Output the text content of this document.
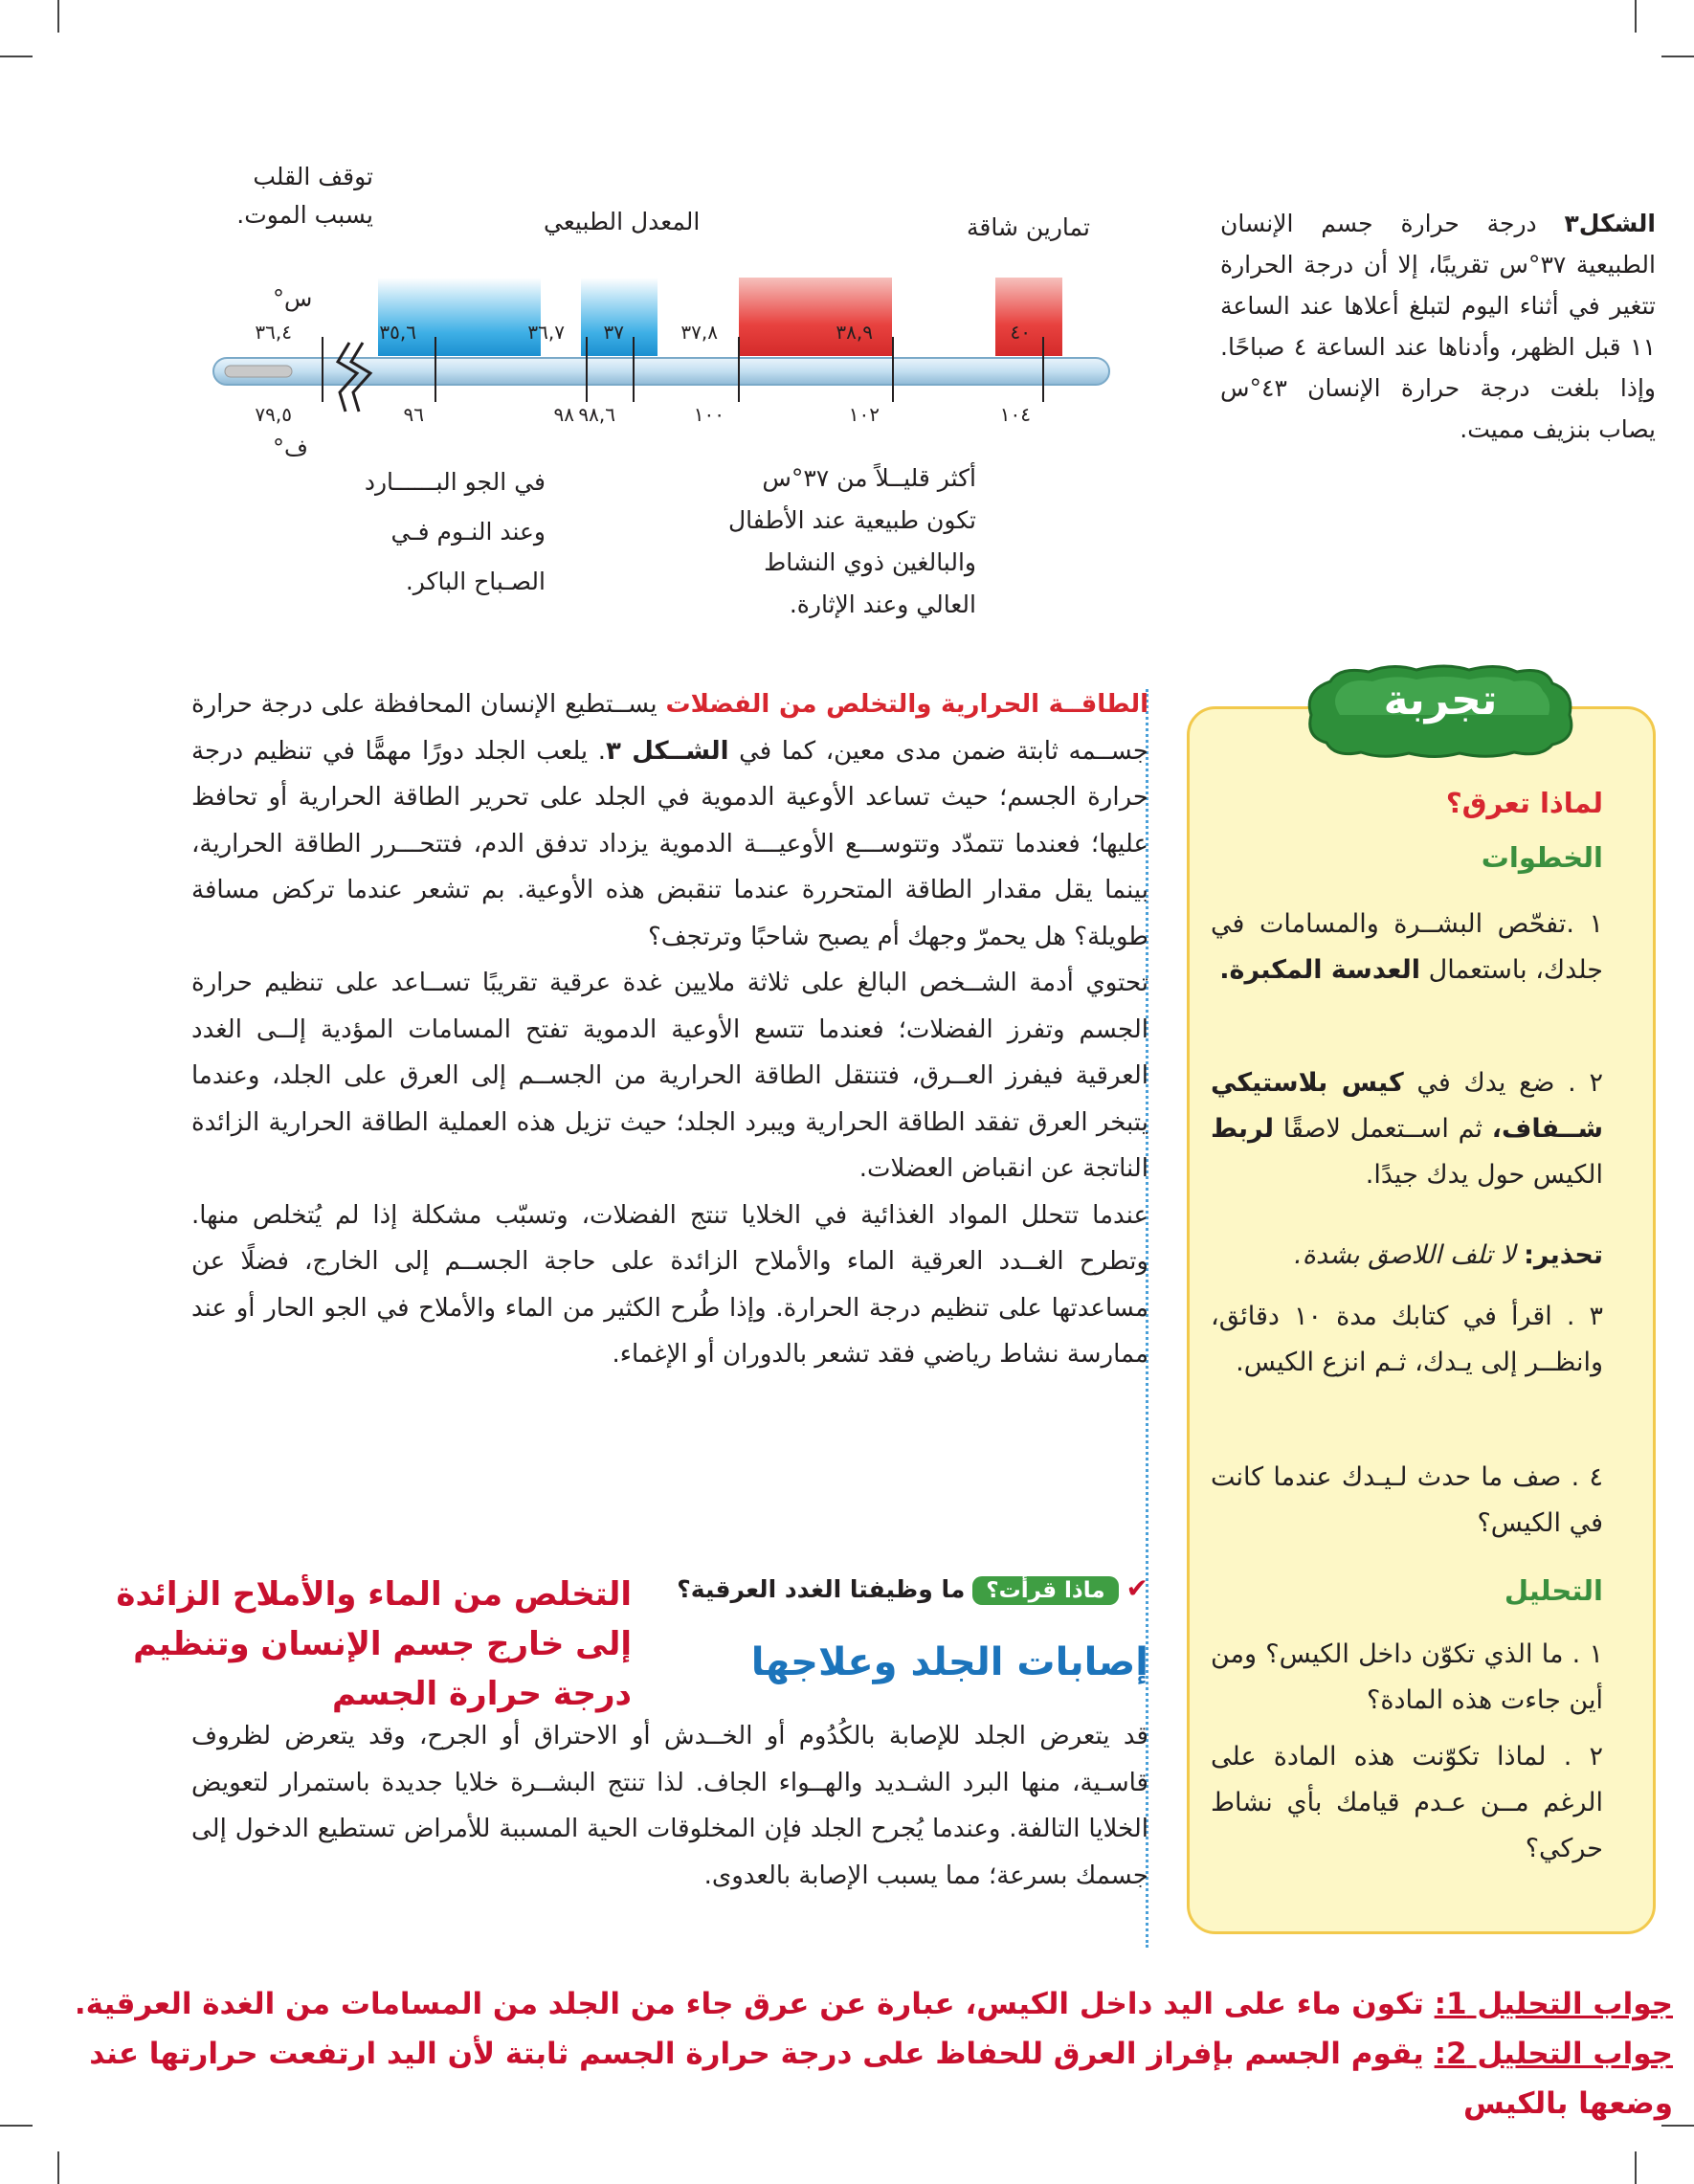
الشكل٣ درجة حرارة جسم الإنسان الطبيعية ٣٧°س تقريبًا، إلا أن درجة الحرارة تتغير في أثناء اليوم لتبلغ أعلاها عند الساعة ١١ قبل الظهر، وأدناها عند الساعة ٤ صباحًا. وإذا بلغت درجة حرارة الإنسان ٤٣°س يصاب بنزيف مميت.
توقف القلب
يسبب الموت.	المعدل الطبيعي	تمارين شاقة
س°
ف°
٣٦,٤	٣٥,٦	٣٦,٧ ٣٧	٣٧,٨	٣٨,٩	٤٠
٧٩,٥	٩٦	٩٨ ٩٨,٦	١٠٠	١٠٢	١٠٤
في الجو البــــــارد
وعند النـوم فـي
الصـباح الباكر.
أكثر قليــلاً من ٣٧°س
تكون طبيعية عند الأطفال
والبالغين ذوي النشاط
العالي وعند الإثارة.
تجربة
لماذا تعرق؟
الخطوات
١ .تفحّص البشــرة والمسامات في جلدك، باستعمال العدسة المكبرة.
٢ . ضع يدك في كيس بلاستيكي شــفاف، ثم اســتعمل لاصقًا لربط الكيس حول يدك جيدًا.
تحذير: لا تلف اللاصق بشدة.
٣ . اقرأ في كتابك مدة ١٠ دقائق، وانظــر إلى يـدك، ثـم انزع الكيس.
٤ . صف ما حدث لـيـدك عندما كانت في الكيس؟
التحليل
١ . ما الذي تكوّن داخل الكيس؟ ومن أين جاءت هذه المادة؟
٢ . لماذا تكوّنت هذه المادة على الرغم مــن عـدم قيامك بأي نشاط حركي؟

الطاقــة الحرارية والتخلص من الفضلات يســتطيع الإنسان المحافظة على درجة حرارة جســمه ثابتة ضمن مدى معين، كما في الشــكل ٣. يلعب الجلد دورًا مهمًّا في تنظيم درجة حرارة الجسم؛ حيث تساعد الأوعية الدموية في الجلد على تحرير الطاقة الحرارية أو تحافظ عليها؛ فعندما تتمدّد وتتوســـع الأوعيـــة الدموية يزداد تدفق الدم، فتتحـــرر الطاقة الحرارية، بينما يقل مقدار الطاقة المتحررة عندما تنقبض هذه الأوعية. بم تشعر عندما تركض مسافة طويلة؟ هل يحمرّ وجهك أم يصبح شاحبًا وترتجف؟

تحتوي أدمة الشــخص البالغ على ثلاثة ملايين غدة عرقية تقريبًا تســاعد على تنظيم حرارة الجسم وتفرز الفضلات؛ فعندما تتسع الأوعية الدموية تفتح المسامات المؤدية إلــى الغدد العرقية فيفرز العــرق، فتنتقل الطاقة الحرارية من الجســم إلى العرق على الجلد، وعندما يتبخر العرق تفقد الطاقة الحرارية ويبرد الجلد؛ حيث تزيل هذه العملية الطاقة الحرارية الزائدة الناتجة عن انقباض العضلات.

عندما تتحلل المواد الغذائية في الخلايا تنتج الفضلات، وتسبّب مشكلة إذا لم يُتخلص منها. وتطرح الغــدد العرقية الماء والأملاح الزائدة على حاجة الجســم إلى الخارج، فضلًا عن مساعدتها على تنظيم درجة الحرارة. وإذا طُرح الكثير من الماء والأملاح في الجو الحار أو عند ممارسة نشاط رياضي فقد تشعر بالدوران أو الإغماء.

✔ ماذا قرأت؟ ما وظيفتا الغدد العرقية؟
التخلص من الماء والأملاح الزائدة إلى خارج جسم الإنسان وتنظيم درجة حرارة الجسم
إصابات الجلد وعلاجها
قد يتعرض الجلد للإصابة بالكُدُوم أو الخــدش أو الاحتراق أو الجرح، وقد يتعرض لظروف قاسـية، منها البرد الشـديد والهــواء الجاف. لذا تنتج البشــرة خلايا جديدة باستمرار لتعويض الخلايا التالفة. وعندما يُجرح الجلد فإن المخلوقات الحية المسببة للأمراض تستطيع الدخول إلى جسمك بسرعة؛ مما يسبب الإصابة بالعدوى.
جواب التحليل 1: تكون ماء على اليد داخل الكيس، عبارة عن عرق جاء من الجلد من المسامات من الغدة العرقية.
جواب التحليل 2: يقوم الجسم بإفراز العرق للحفاظ على درجة حرارة الجسم ثابتة لأن اليد ارتفعت حرارتها عند وضعها بالكيس
